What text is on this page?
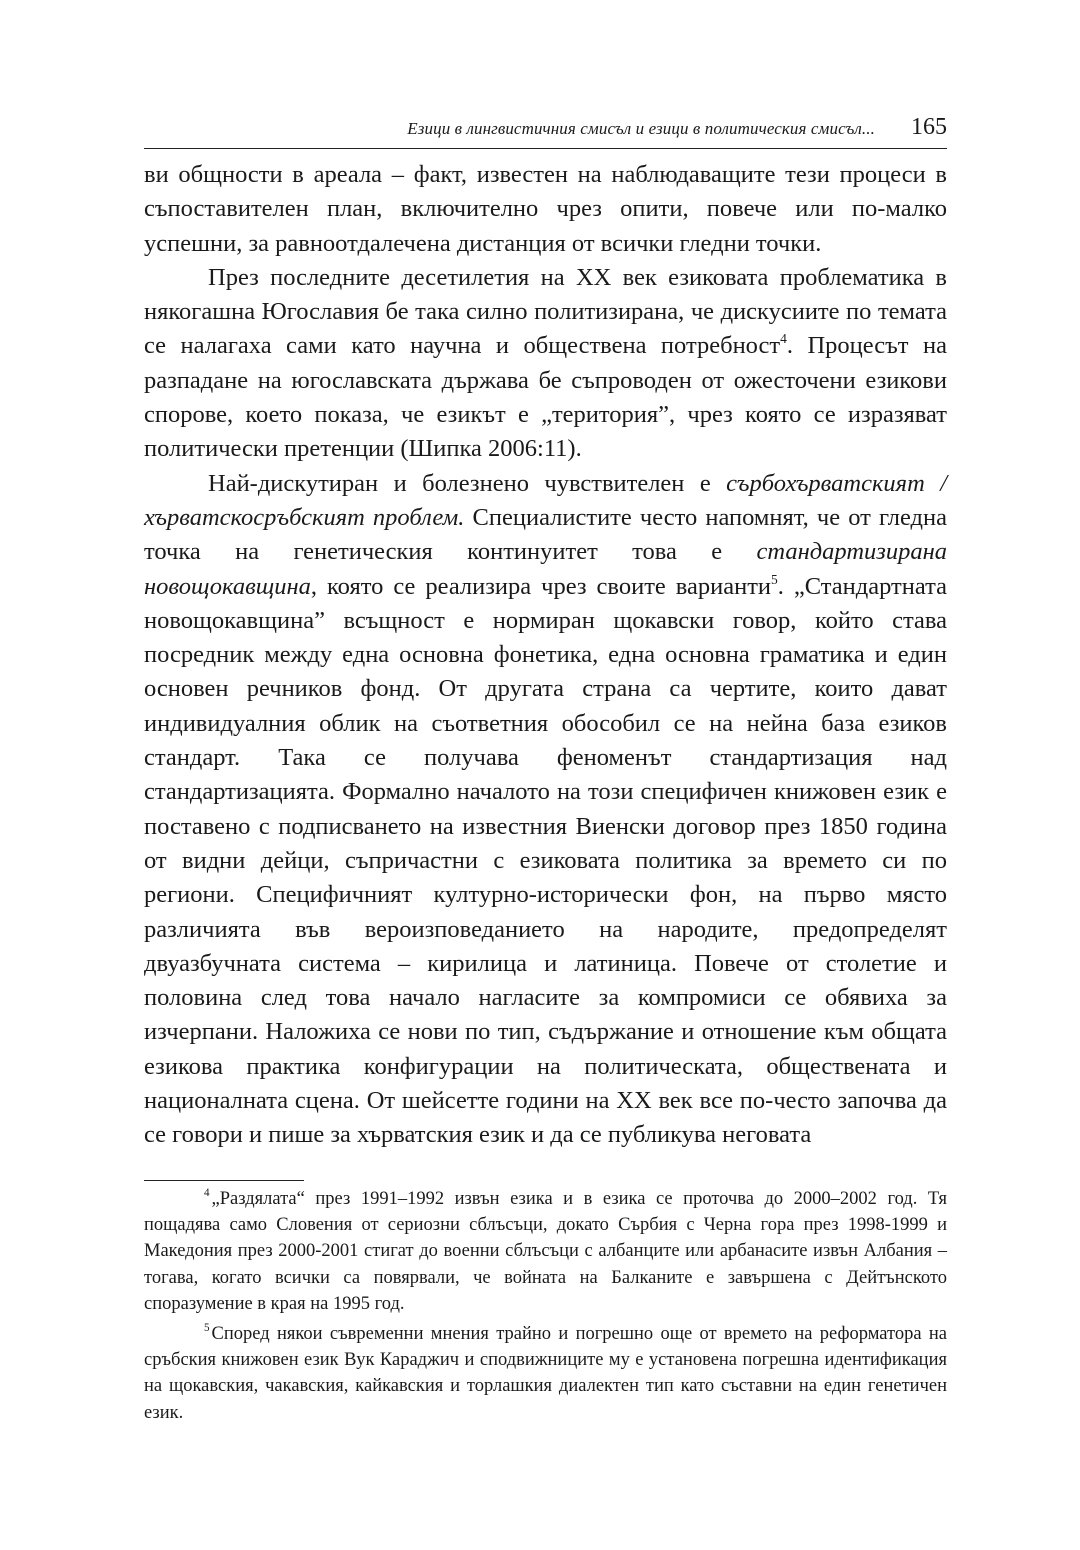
Езици в лингвистичния смисъл и езици в политическия смисъл... 165

ви общности в ареала – факт, известен на наблюдаващите тези процеси в съпоставителен план, включително чрез опити, повече или по-малко успешни, за равноотдалечена дистанция от всички гледни точки.

През последните десетилетия на XX век езиковата проблематика в някогашна Югославия бе така силно политизирана, че дискусиите по темата се налагаха сами като научна и обществена потребност$^4$. Процесът на разпадане на югославската държава бе съпроводен от ожесточени езикови спорове, което показа, че езикът е „територия”, чрез която се изразяват политически претенции (Шипка 2006:11).

Най-дискутиран и болезнено чувствителен е сърбохърватският / хърватскосръбският проблем. Специалистите често напомнят, че от гледна точка на генетическия континуитет това е стандартизирана новощокавщина, която се реализира чрез своите варианти$^5$. „Стандартната новощокавщина” всъщност е нормиран щокавски говор, който става посредник между една основна фонетика, една основна граматика и един основен речников фонд. От другата страна са чертите, които дават индивидуалния облик на съответния обособил се на нейна база езиков стандарт. Така се получава феноменът стандартизация над стандартизацията. Формално началото на този специфичен книжовен език е поставено с подписването на известния Виенски договор през 1850 година от видни дейци, съпричастни с езиковата политика за времето си по региони. Специфичният културно-исторически фон, на първо място различията във вероизповеданието на народите, предопределят двуазбучната система – кирилица и латиница. Повече от столетие и половина след това начало нагласите за компромиси се обявиха за изчерпани. Наложиха се нови по тип, съдържание и отношение към общата езикова практика конфигурации на политическата, обществената и националната сцена. От шейсетте години на XX век все по-често започва да се говори и пише за хърватския език и да се публикува неговата

$^4$ „Раздялата“ през 1991–1992 извън езика и в езика се проточва до 2000–2002 год. Тя пощадява само Словения от сериозни сблъсъци, докато Сърбия с Черна гора през 1998-1999 и Македония през 2000-2001 стигат до военни сблъсъци с албанците или арбанасите извън Албания – тогава, когато всички са повярвали, че войната на Балканите е завършена с Дейтънското споразумение в края на 1995 год.

$^5$ Според някои съвременни мнения трайно и погрешно още от времето на реформатора на сръбския книжовен език Вук Караджич и сподвижниците му е установена погрешна идентификация на щокавския, чакавския, кайкавския и торлашкия диалектен тип като съставни на един генетичен език.
